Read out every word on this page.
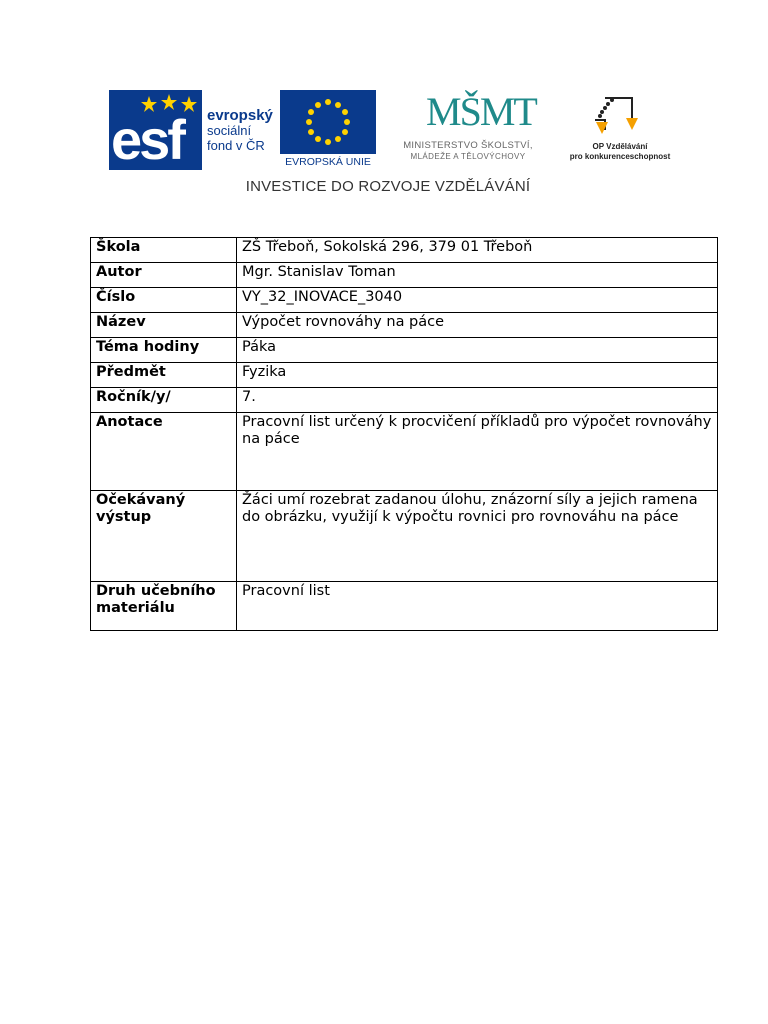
esf evropský
sociální
fond v ČR
EVROPSKÁ UNIE
MŠMT
MINISTERSTVO ŠKOLSTVÍ,
MLÁDEŽE A TĚLOVÝCHOVY
OP Vzdělávání
pro konkurenceschopnost
INVESTICE DO ROZVOJE VZDĚLÁVÁNÍ
Škola	ZŠ Třeboň, Sokolská 296, 379 01 Třeboň
Autor	Mgr. Stanislav Toman
Číslo	VY_32_INOVACE_3040
Název	Výpočet rovnováhy na páce
Téma hodiny	Páka
Předmět	Fyzika
Ročník/y/	7.
Anotace	Pracovní list určený k procvičení příkladů pro výpočet rovnováhy na páce
Očekávaný výstup	Žáci umí rozebrat zadanou úlohu, znázorní síly a jejich ramena do obrázku, využijí k výpočtu rovnici pro rovnováhu na páce
Druh učebního materiálu	Pracovní list
